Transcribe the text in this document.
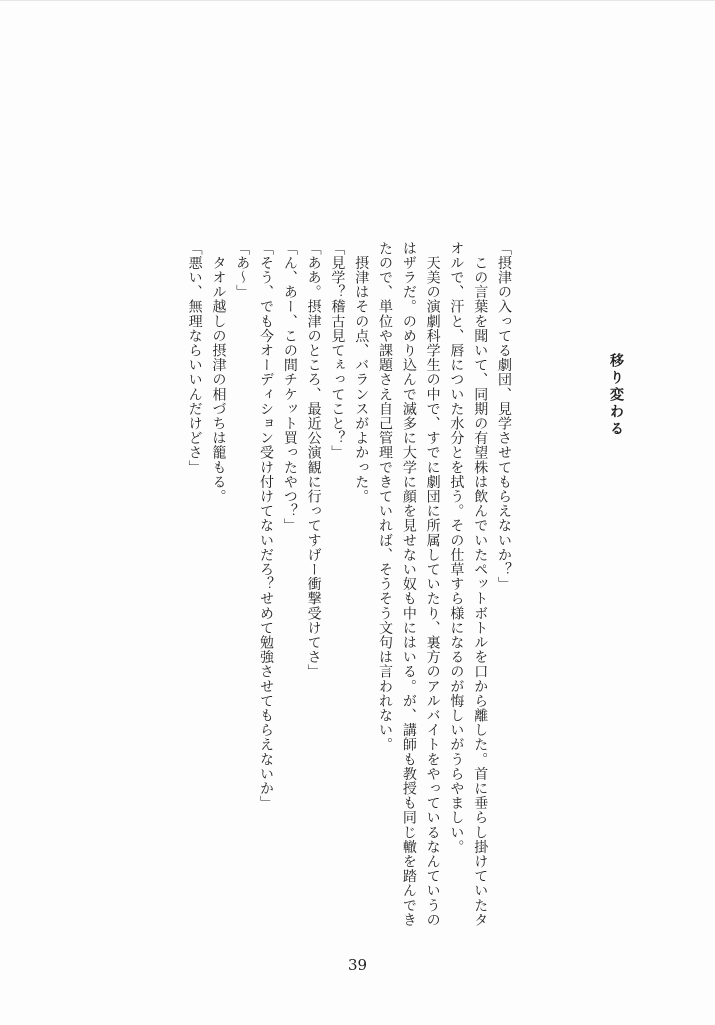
移り変わる

「摂津の入ってる劇団、見学させてもらえないか？」

　この言葉を聞いて、同期の有望株は飲んでいたペットボトルを口から離した。首に垂らし掛けていたタオルで、汗と、唇についた水分とを拭う。その仕草すら様になるのが悔しいがうらやましい。

　天美の演劇科学生の中で、すでに劇団に所属していたり、裏方のアルバイトをやっているなんていうのはザラだ。のめり込んで滅多に大学に顔を見せない奴も中にはいる。が、講師も教授も同じ轍を踏んできたので、単位や課題さえ自己管理できていれば、そうそう文句は言われない。

　摂津はその点、バランスがよかった。

「見学？稽古見てぇってこと？」

「ああ。摂津のところ、最近公演観に行ってすげー衝撃受けてさ」

「ん、あー、この間チケット買ったやつ？」

「そう、でも今オーディション受け付けてないだろ？せめて勉強させてもらえないか」

「あ～」

　タオル越しの摂津の相づちは籠もる。

「悪い、無理ならいいんだけどさ」

39
